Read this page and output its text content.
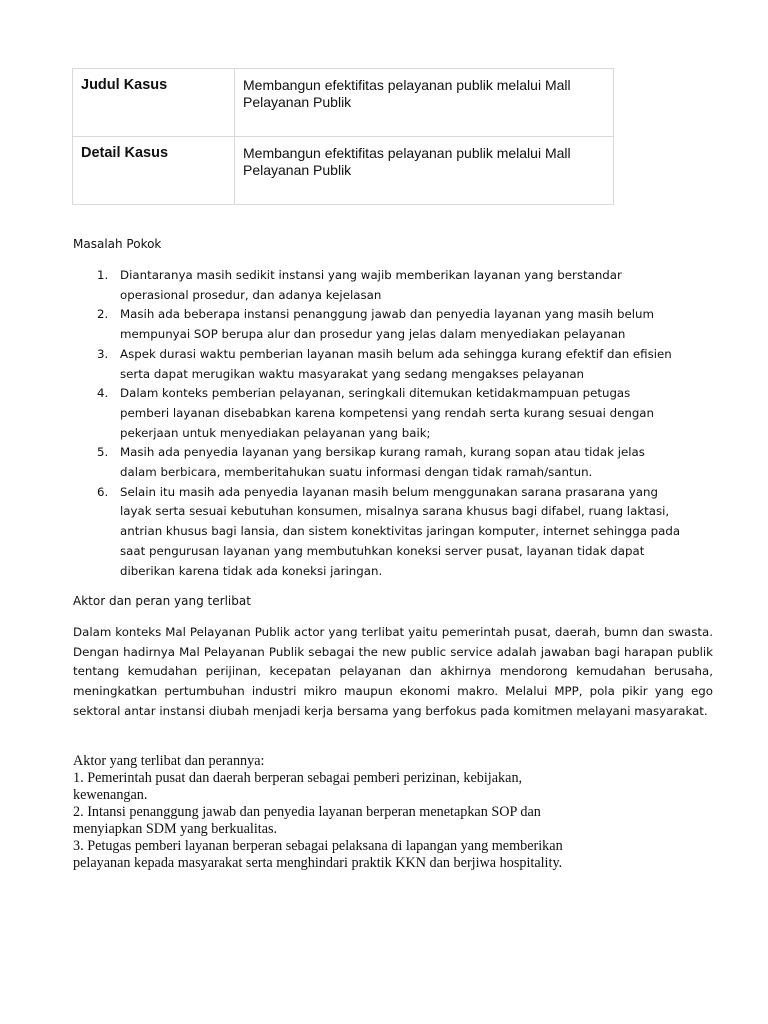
Judul Kasus	Membangun efektifitas pelayanan publik melalui Mall Pelayanan Publik
Detail Kasus	Membangun efektifitas pelayanan publik melalui Mall Pelayanan Publik
Masalah Pokok
1. Diantaranya masih sedikit instansi yang wajib memberikan layanan yang berstandar operasional prosedur, dan adanya kejelasan
2. Masih ada beberapa instansi penanggung jawab dan penyedia layanan yang masih belum mempunyai SOP berupa alur dan prosedur yang jelas dalam menyediakan pelayanan
3. Aspek durasi waktu pemberian layanan masih belum ada sehingga kurang efektif dan efisien serta dapat merugikan waktu masyarakat yang sedang mengakses pelayanan
4. Dalam konteks pemberian pelayanan, seringkali ditemukan ketidakmampuan petugas pemberi layanan disebabkan karena kompetensi yang rendah serta kurang sesuai dengan pekerjaan untuk menyediakan pelayanan yang baik;
5. Masih ada penyedia layanan yang bersikap kurang ramah, kurang sopan atau tidak jelas dalam berbicara, memberitahukan suatu informasi dengan tidak ramah/santun.
6. Selain itu masih ada penyedia layanan masih belum menggunakan sarana prasarana yang layak serta sesuai kebutuhan konsumen, misalnya sarana khusus bagi difabel, ruang laktasi, antrian khusus bagi lansia, dan sistem konektivitas jaringan komputer, internet sehingga pada saat pengurusan layanan yang membutuhkan koneksi server pusat, layanan tidak dapat diberikan karena tidak ada koneksi jaringan.
Aktor dan peran yang terlibat

Dalam konteks Mal Pelayanan Publik actor yang terlibat yaitu pemerintah pusat, daerah, bumn dan swasta. Dengan hadirnya Mal Pelayanan Publik sebagai the new public service adalah jawaban bagi harapan publik tentang kemudahan perijinan, kecepatan pelayanan dan akhirnya mendorong kemudahan berusaha, meningkatkan pertumbuhan industri mikro maupun ekonomi makro. Melalui MPP, pola pikir yang ego sektoral antar instansi diubah menjadi kerja bersama yang berfokus pada komitmen melayani masyarakat.

Aktor yang terlibat dan perannya:
1. Pemerintah pusat dan daerah berperan sebagai pemberi perizinan, kebijakan,
kewenangan.
2. Intansi penanggung jawab dan penyedia layanan berperan menetapkan SOP dan
menyiapkan SDM yang berkualitas.
3. Petugas pemberi layanan berperan sebagai pelaksana di lapangan yang memberikan
pelayanan kepada masyarakat serta menghindari praktik KKN dan berjiwa hospitality.
